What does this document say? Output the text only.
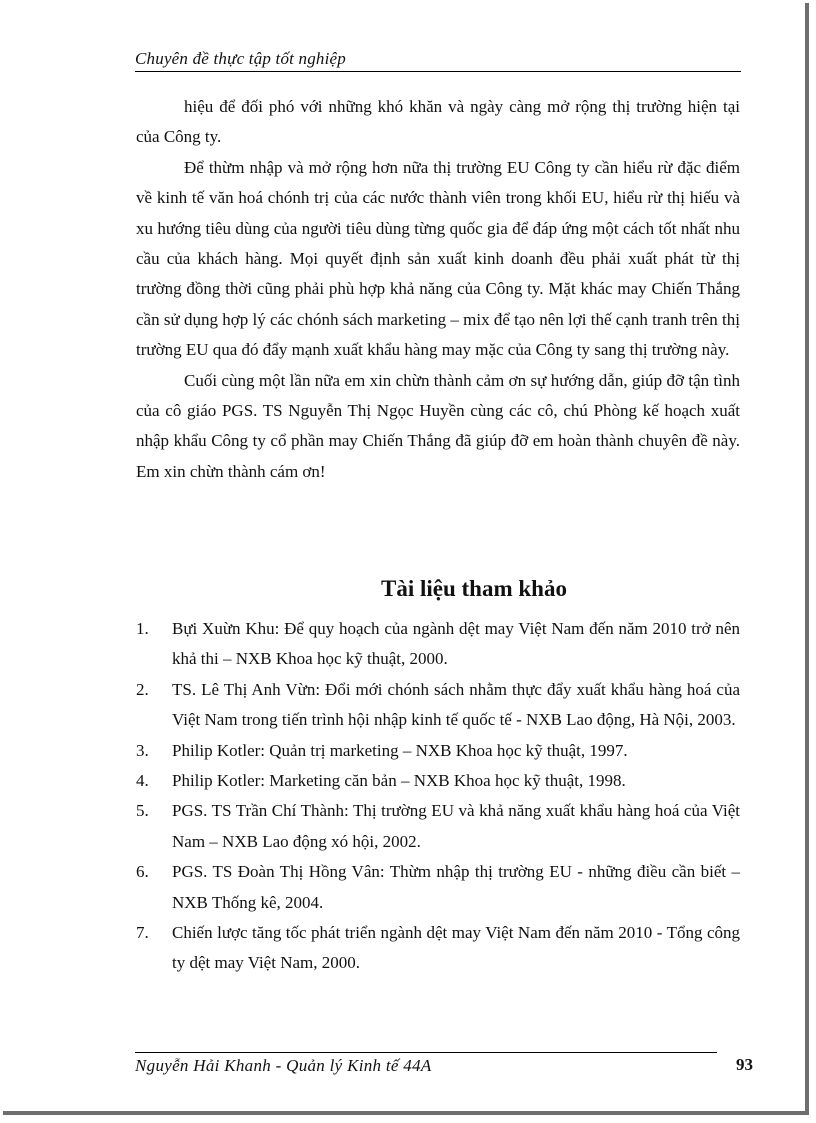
Chuyên đề thực tập tốt nghiệp

hiệu để đối phó với những khó khăn và ngày càng mở rộng thị trường hiện tại của Công ty.

Để thừm nhập và mở rộng hơn nữa thị trường EU Công ty cần hiểu rừ đặc điểm về kinh tế văn hoá chónh trị của các nước thành viên trong khối EU, hiểu rừ thị hiếu và xu hướng tiêu dùng của người tiêu dùng từng quốc gia để đáp ứng một cách tốt nhất nhu cầu của khách hàng. Mọi quyết định sản xuất kinh doanh đều phải xuất phát từ thị trường đồng thời cũng phải phù hợp khả năng của Công ty. Mặt khác may Chiến Thắng cần sử dụng hợp lý các chónh sách marketing – mix để tạo nên lợi thế cạnh tranh trên thị trường EU qua đó đẩy mạnh xuất khẩu hàng may mặc của Công ty sang thị trường này.

Cuối cùng một lần nữa em xin chừn thành cảm ơn sự hướng dẫn, giúp đỡ tận tình của cô giáo PGS. TS Nguyễn Thị Ngọc Huyền cùng các cô, chú Phòng kế hoạch xuất nhập khẩu Công ty cổ phần may Chiến Thắng đã giúp đỡ em hoàn thành chuyên đề này. Em xin chừn thành cám ơn!

Tài liệu tham khảo
1. Bựi Xuừn Khu: Để quy hoạch của ngành dệt may Việt Nam đến năm 2010 trở nên khả thi – NXB Khoa học kỹ thuật, 2000.
2. TS. Lê Thị Anh Vừn: Đổi mới chónh sách nhằm thực đẩy xuất khẩu hàng hoá của Việt Nam trong tiến trình hội nhập kinh tế quốc tế - NXB Lao động, Hà Nội, 2003.
3. Philip Kotler: Quản trị marketing – NXB Khoa học kỹ thuật, 1997.
4. Philip Kotler: Marketing căn bản – NXB Khoa học kỹ thuật, 1998.
5. PGS. TS Trần Chí Thành: Thị trường EU và khả năng xuất khẩu hàng hoá của Việt Nam – NXB Lao động xó hội, 2002.
6. PGS. TS Đoàn Thị Hồng Vân: Thừm nhập thị trường EU - những điều cần biết – NXB Thống kê, 2004.
7. Chiến lược tăng tốc phát triển ngành dệt may Việt Nam đến năm 2010 - Tổng công ty dệt may Việt Nam, 2000.
Nguyễn Hải Khanh - Quản lý Kinh tế 44A	93
